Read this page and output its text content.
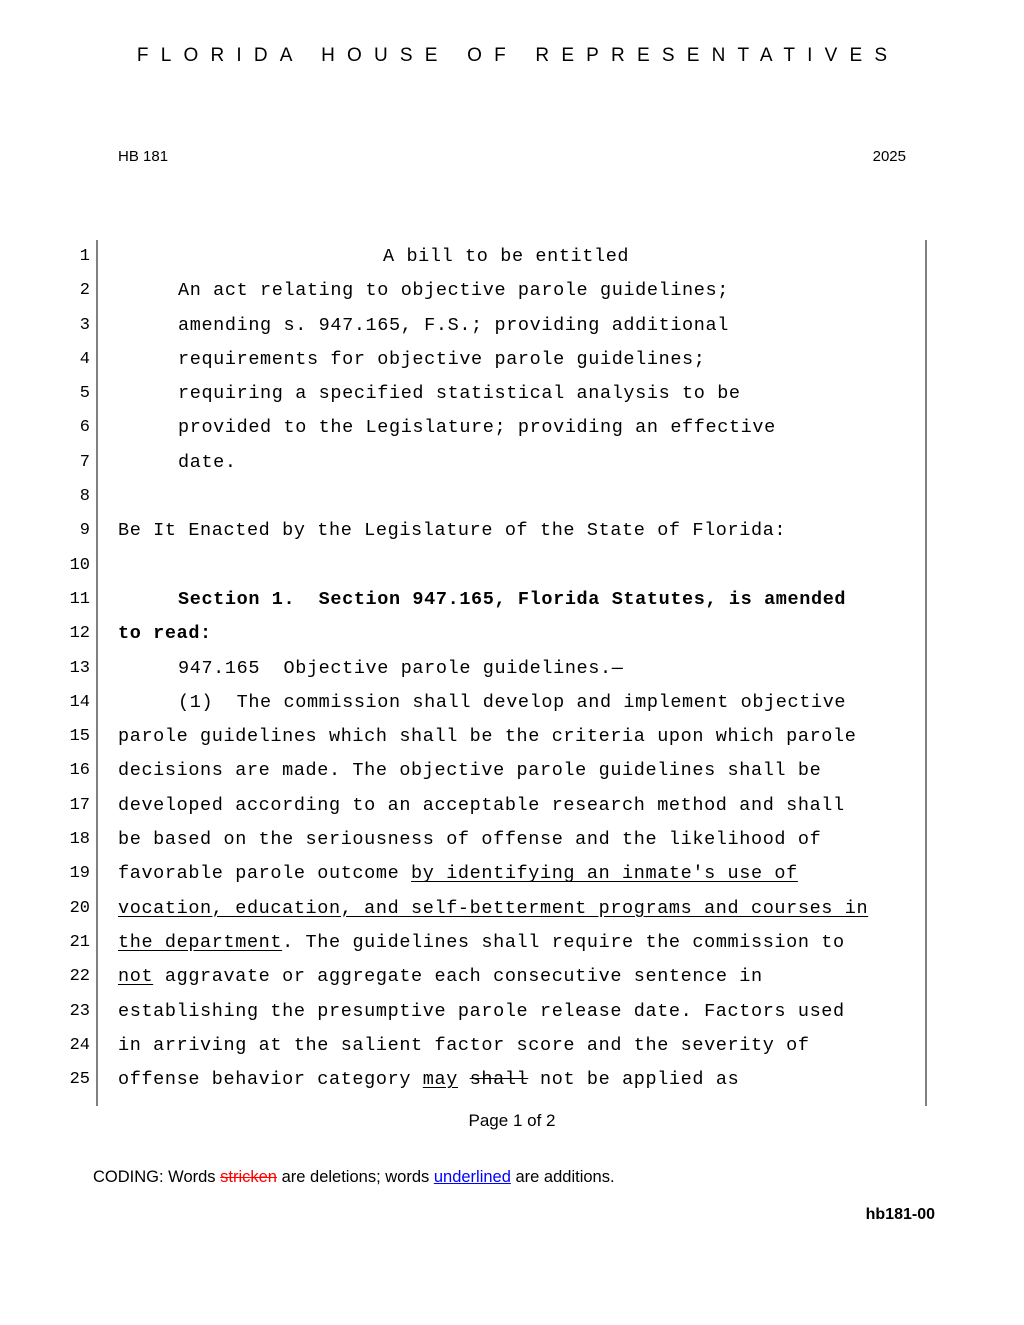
FLORIDA HOUSE OF REPRESENTATIVES
HB 181	2025
1	A bill to be entitled
2	An act relating to objective parole guidelines;
3	amending s. 947.165, F.S.; providing additional
4	requirements for objective parole guidelines;
5	requiring a specified statistical analysis to be
6	provided to the Legislature; providing an effective
7	date.
8
9 Be It Enacted by the Legislature of the State of Florida:
10
11	Section 1.  Section 947.165, Florida Statutes, is amended
12 to read:
13	947.165  Objective parole guidelines.—
14	(1)  The commission shall develop and implement objective
15 parole guidelines which shall be the criteria upon which parole
16 decisions are made. The objective parole guidelines shall be
17 developed according to an acceptable research method and shall
18 be based on the seriousness of offense and the likelihood of
19 favorable parole outcome by identifying an inmate's use of
20 vocation, education, and self-betterment programs and courses in
21 the department. The guidelines shall require the commission to
22 not aggravate or aggregate each consecutive sentence in
23 establishing the presumptive parole release date. Factors used
24 in arriving at the salient factor score and the severity of
25 offense behavior category may shall not be applied as
Page 1 of 2
CODING: Words stricken are deletions; words underlined are additions.
hb181-00
